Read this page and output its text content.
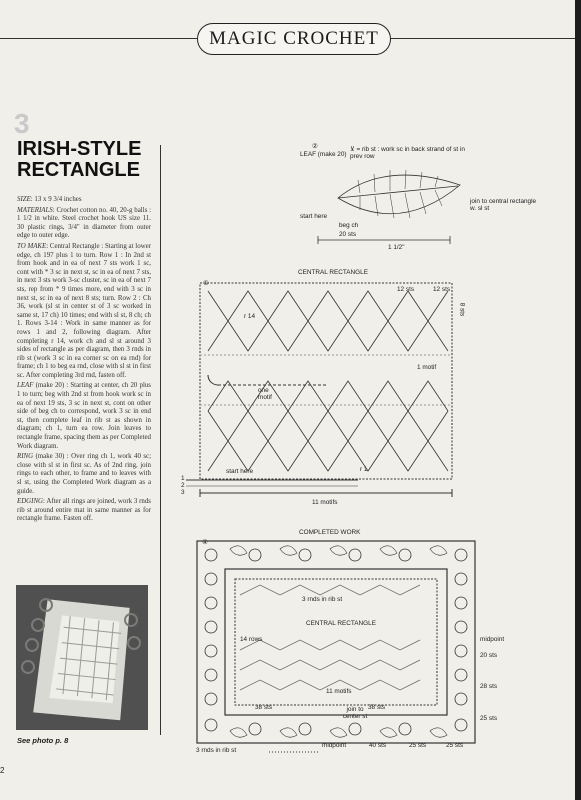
MAGIC CROCHET
3
IRISH-STYLE
RECTANGLE

SIZE: 13 x 9 3/4 inches

MATERIALS: Crochet cotton no. 40, 20-g balls : 1 1/2 in white. Steel crochet hook US size 11. 30 plastic rings, 3/4" in diameter from outer edge to outer edge.

TO MAKE: Central Rectangle : Starting at lower edge, ch 197 plus 1 to turn. Row 1 : In 2nd st from hook and in ea of next 7 sts work 1 sc, cont with * 3 sc in next st, sc in ea of next 7 sts, in next 3 sts work 3-sc cluster, sc in ea of next 7 sts, rep from * 9 times more, end with 3 sc in next st, sc in ea of next 8 sts; turn. Row 2 : Ch 36, work (sl st in center st of 3 sc worked in same st, 17 ch) 10 times; end with sl st, 8 ch; ch 1. Rows 3-14 : Work in same manner as for rows 1 and 2, following diagram. After completing r 14, work ch and sl st around 3 sides of rectangle as per diagram, then 3 rnds in rib st (work 3 sc in ea corner sc on ea rnd) for frame; ch 1 to beg ea rnd, close with sl st in first sc. After completing 3rd rnd, fasten off.

LEAF (make 20) : Starting at center, ch 20 plus 1 to turn; beg with 2nd st from hook work sc in ea of next 19 sts, 3 sc in next st, cont on other side of beg ch to correspond, work 3 sc in end st, then complete leaf in rib st as shown in diagram; ch 1, turn ea row. Join leaves to rectangle frame, spacing them as per Completed Work diagram.

RING (make 30) : Over ring ch 1, work 40 sc; close with sl st in first sc. As of 2nd ring, join rings to each other, to frame and to leaves with sl st, using the Completed Work diagram as a guide.

EDGING: After all rings are joined, work 3 rnds rib st around entire mat in same manner as for rectangle frame. Fasten off.

See photo p. 8
2
②
LEAF (make 20)
⊻ = rib st : work sc in back strand of st in prev row
join to central rectangle w. sl st
start here
beg ch
20 sts
1 1/2"
①
CENTRAL RECTANGLE
12 sts	12 sts
8 sts
r 14
1 motif
one motif
r 1
start here
1
2
3
11 motifs
④
COMPLETED WORK
3 rnds in rib st
CENTRAL RECTANGLE
14 rows
11 motifs
midpoint
20 sts
28 sts
25 sts
38 sts	38 sts
join to center st
3 rnds in rib st
midpoint	40 sts	25 sts	25 sts
